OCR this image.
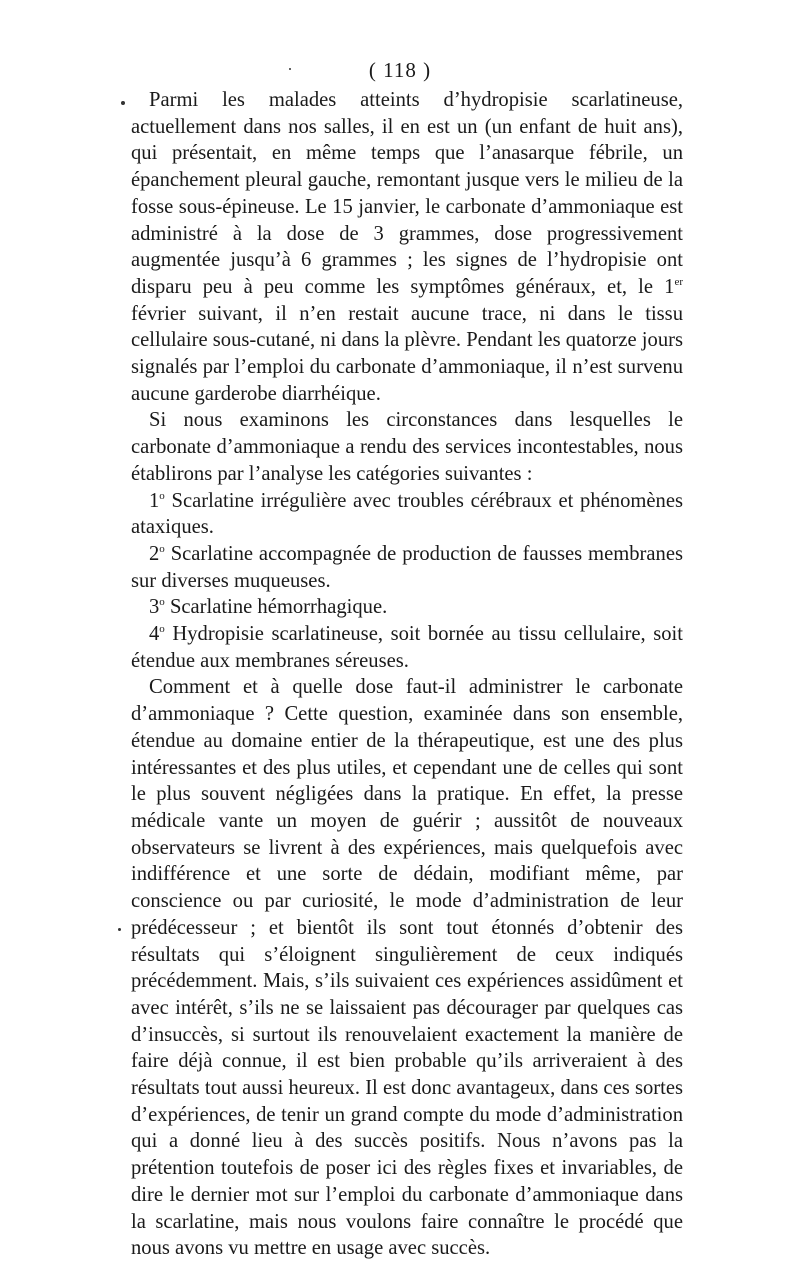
( 118 )

Parmi les malades atteints d’hydropisie scarlatineuse, actuellement dans nos salles, il en est un (un enfant de huit ans), qui présentait, en même temps que l’anasarque fébrile, un épanchement pleural gauche, remontant jusque vers le milieu de la fosse sous-épineuse. Le 15 janvier, le carbonate d’ammoniaque est administré à la dose de 3 grammes, dose progressivement augmentée jusqu’à 6 grammes ; les signes de l’hydropisie ont disparu peu à peu comme les symptômes généraux, et, le 1er février suivant, il n’en restait aucune trace, ni dans le tissu cellulaire sous-cutané, ni dans la plèvre. Pendant les quatorze jours signalés par l’emploi du carbonate d’ammoniaque, il n’est survenu aucune garderobe diarrhéique.

Si nous examinons les circonstances dans lesquelles le carbonate d’ammoniaque a rendu des services incontestables, nous établirons par l’analyse les catégories suivantes :

1$^o$ Scarlatine irrégulière avec troubles cérébraux et phénomènes ataxiques.

2$^o$ Scarlatine accompagnée de production de fausses membranes sur diverses muqueuses.

3$^o$ Scarlatine hémorrhagique.

4$^o$ Hydropisie scarlatineuse, soit bornée au tissu cellulaire, soit étendue aux membranes séreuses.

Comment et à quelle dose faut-il administrer le carbonate d’ammoniaque ? Cette question, examinée dans son ensemble, étendue au domaine entier de la thérapeutique, est une des plus intéressantes et des plus utiles, et cependant une de celles qui sont le plus souvent négligées dans la pratique. En effet, la presse médicale vante un moyen de guérir ; aussitôt de nouveaux observateurs se livrent à des expériences, mais quelquefois avec indifférence et une sorte de dédain, modifiant même, par conscience ou par curiosité, le mode d’administration de leur prédécesseur ; et bientôt ils sont tout étonnés d’obtenir des résultats qui s’éloignent singulièrement de ceux indiqués précédemment. Mais, s’ils suivaient ces expériences assidûment et avec intérêt, s’ils ne se laissaient pas décourager par quelques cas d’insuccès, si surtout ils renouvelaient exactement la manière de faire déjà connue, il est bien probable qu’ils arriveraient à des résultats tout aussi heureux. Il est donc avantageux, dans ces sortes d’expériences, de tenir un grand compte du mode d’administration qui a donné lieu à des succès positifs. Nous n’avons pas la prétention toutefois de poser ici des règles fixes et invariables, de dire le dernier mot sur l’emploi du carbonate d’ammoniaque dans la scarlatine, mais nous voulons faire connaître le procédé que nous avons vu mettre en usage avec succès.
